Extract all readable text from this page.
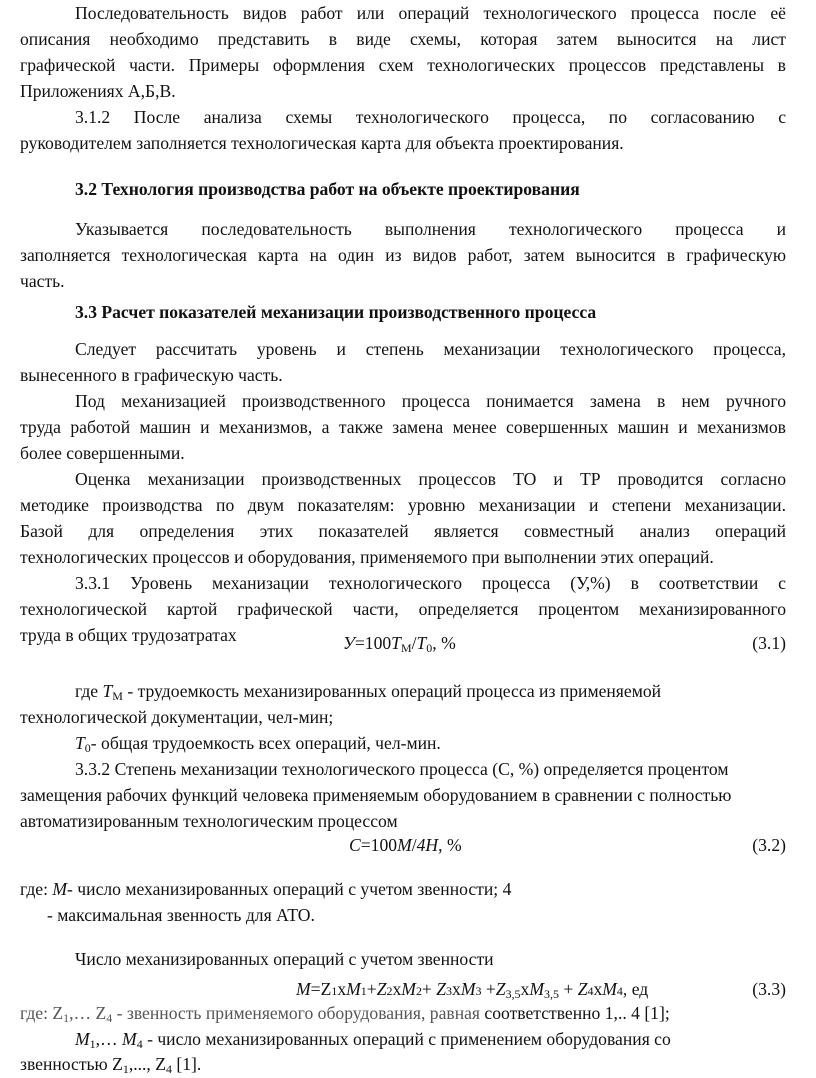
Последовательность видов работ или операций технологического процесса после её
описания необходимо представить в виде схемы, которая затем выносится на лист
графической части. Примеры оформления схем технологических процессов представлены в
Приложениях А,Б,В.
3.1.2 После анализа схемы технологического процесса, по согласованию с
руководителем заполняется технологическая карта для объекта проектирования.
3.2 Технология производства работ на объекте проектирования
Указывается последовательность выполнения технологического процесса и
заполняется технологическая карта на один из видов работ, затем выносится в графическую
часть.
3.3 Расчет показателей механизации производственного процесса
Следует рассчитать уровень и степень механизации технологического процесса,
вынесенного в графическую часть.
Под механизацией производственного процесса понимается замена в нем ручного
труда работой машин и механизмов, а также замена менее совершенных машин и механизмов
более совершенными.
Оценка механизации производственных процессов ТО и ТР проводится согласно
методике производства по двум показателям: уровню механизации и степени механизации.
Базой для определения этих показателей является совместный анализ операций
технологических процессов и оборудования, применяемого при выполнении этих операций.
3.3.1 Уровень механизации технологического процесса (У,%) в соответствии с
технологической картой графической части, определяется процентом механизированного
труда в общих трудозатратах	$У=100T_М/T_0$, %	(3.1)
где $T_М$ - трудоемкость механизированных операций процесса из применяемой
технологической документации, чел-мин;
$T_0-$ общая трудоемкость всех операций, чел-мин.
3.3.2 Степень механизации технологического процесса (С, %) определяется процентом
замещения рабочих функций человека применяемым оборудованием в сравнении с полностью
автоматизированным технологическим процессом
C=100M/4H, %	(3.2)
где: M- число механизированных операций с учетом звенности; 4
- максимальная звенность для АТО.
Число механизированных операций с учетом звенности
$M=Z1хM1+Z2хM2+ Z3хM3 +Z_{3,5}хM_{3,5} + Z4хM4$, ед	(3.3)
где: $Z_1,\dots$ $Z_4$ - звенность применяемого оборудования, равная соответственно 1,.. 4 [1];
$M_1,\dots$ $M_4$ - число механизированных операций с применением оборудования со
звенностью $Z_1$,..., $Z_4$ [1].
